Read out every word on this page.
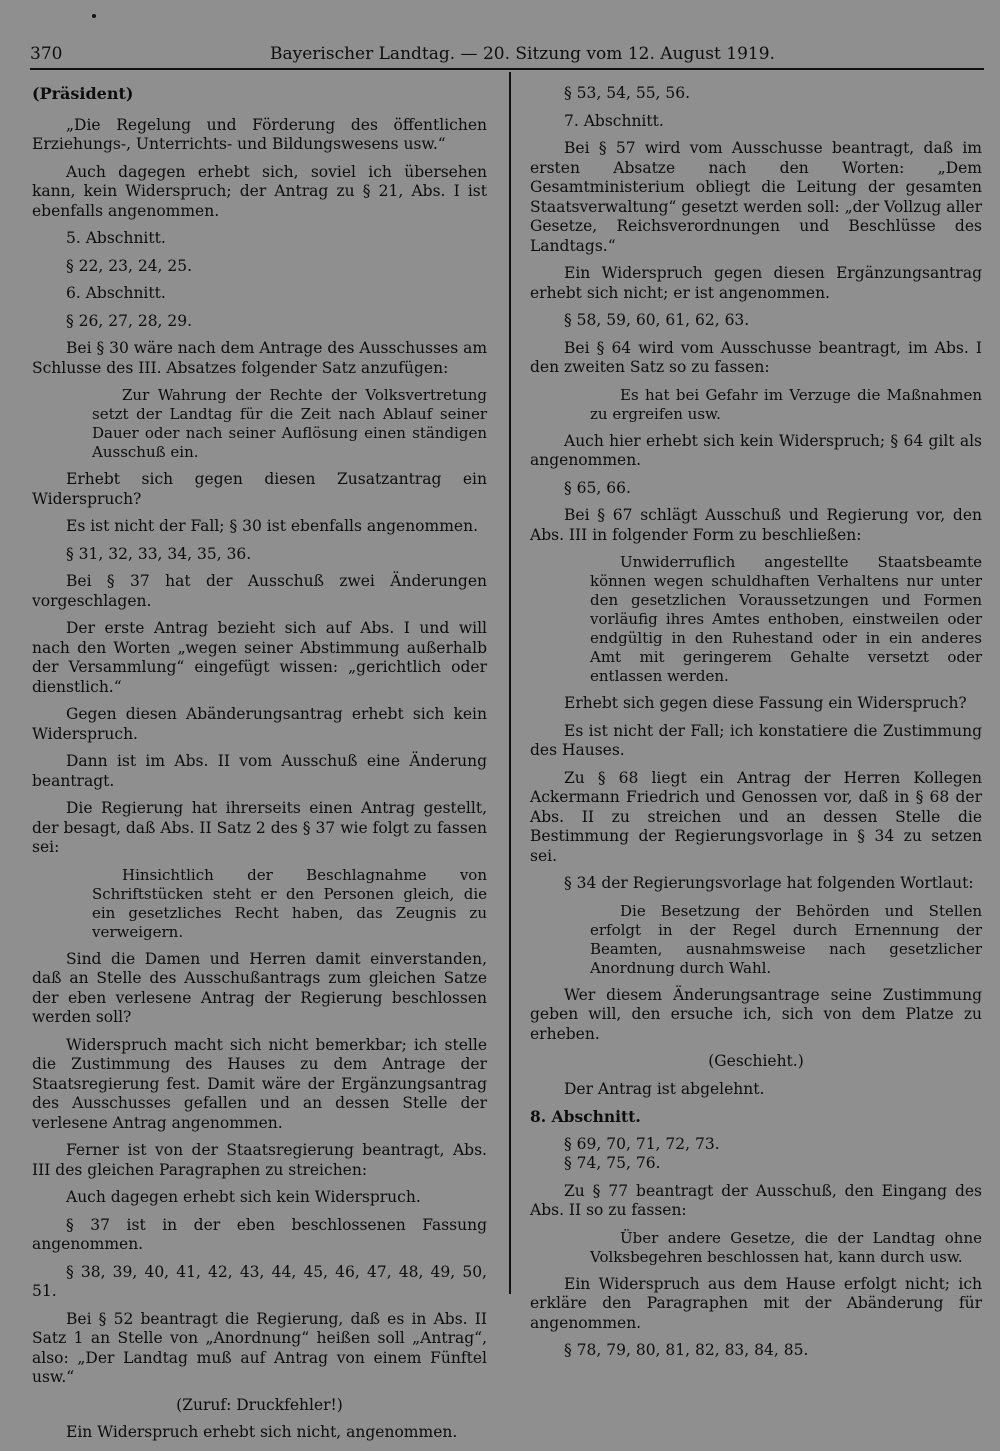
370	Bayerischer Landtag. — 20. Sitzung vom 12. August 1919.

(Präsident)

„Die Regelung und Förderung des öffentlichen Erziehungs-, Unterrichts- und Bildungswesens usw.“

Auch dagegen erhebt sich, soviel ich übersehen kann, kein Widerspruch; der Antrag zu § 21, Abs. I ist ebenfalls angenommen.

5. Abschnitt.

§ 22, 23, 24, 25.

6. Abschnitt.

§ 26, 27, 28, 29.

Bei § 30 wäre nach dem Antrage des Ausschusses am Schlusse des III. Absatzes folgender Satz anzufügen:

Zur Wahrung der Rechte der Volksvertretung setzt der Landtag für die Zeit nach Ablauf seiner Dauer oder nach seiner Auflösung einen ständigen Ausschuß ein.

Erhebt sich gegen diesen Zusatzantrag ein Widerspruch?

Es ist nicht der Fall; § 30 ist ebenfalls angenommen.

§ 31, 32, 33, 34, 35, 36.

Bei § 37 hat der Ausschuß zwei Änderungen vorgeschlagen.

Der erste Antrag bezieht sich auf Abs. I und will nach den Worten „wegen seiner Abstimmung außerhalb der Versammlung“ eingefügt wissen: „gerichtlich oder dienstlich.“

Gegen diesen Abänderungsantrag erhebt sich kein Widerspruch.

Dann ist im Abs. II vom Ausschuß eine Änderung beantragt.

Die Regierung hat ihrerseits einen Antrag gestellt, der besagt, daß Abs. II Satz 2 des § 37 wie folgt zu fassen sei:

Hinsichtlich der Beschlagnahme von Schriftstücken steht er den Personen gleich, die ein gesetzliches Recht haben, das Zeugnis zu verweigern.

Sind die Damen und Herren damit einverstanden, daß an Stelle des Ausschußantrags zum gleichen Satze der eben verlesene Antrag der Regierung beschlossen werden soll?

Widerspruch macht sich nicht bemerkbar; ich stelle die Zustimmung des Hauses zu dem Antrage der Staatsregierung fest. Damit wäre der Ergänzungsantrag des Ausschusses gefallen und an dessen Stelle der verlesene Antrag angenommen.

Ferner ist von der Staatsregierung beantragt, Abs. III des gleichen Paragraphen zu streichen:

Auch dagegen erhebt sich kein Widerspruch.

§ 37 ist in der eben beschlossenen Fassung angenommen.

§ 38, 39, 40, 41, 42, 43, 44, 45, 46, 47, 48, 49, 50, 51.

Bei § 52 beantragt die Regierung, daß es in Abs. II Satz 1 an Stelle von „Anordnung“ heißen soll „Antrag“, also: „Der Landtag muß auf Antrag von einem Fünftel usw.“

(Zuruf: Druckfehler!)

Ein Widerspruch erhebt sich nicht, angenommen.

§ 53, 54, 55, 56.

7. Abschnitt.

Bei § 57 wird vom Ausschusse beantragt, daß im ersten Absatze nach den Worten: „Dem Gesamtministerium obliegt die Leitung der gesamten Staatsverwaltung“ gesetzt werden soll: „der Vollzug aller Gesetze, Reichsverordnungen und Beschlüsse des Landtags.“

Ein Widerspruch gegen diesen Ergänzungsantrag erhebt sich nicht; er ist angenommen.

§ 58, 59, 60, 61, 62, 63.

Bei § 64 wird vom Ausschusse beantragt, im Abs. I den zweiten Satz so zu fassen:

Es hat bei Gefahr im Verzuge die Maßnahmen zu ergreifen usw.

Auch hier erhebt sich kein Widerspruch; § 64 gilt als angenommen.

§ 65, 66.

Bei § 67 schlägt Ausschuß und Regierung vor, den Abs. III in folgender Form zu beschließen:

Unwiderruflich angestellte Staatsbeamte können wegen schuldhaften Verhaltens nur unter den gesetzlichen Voraussetzungen und Formen vorläufig ihres Amtes enthoben, einstweilen oder endgültig in den Ruhestand oder in ein anderes Amt mit geringerem Gehalte versetzt oder entlassen werden.

Erhebt sich gegen diese Fassung ein Widerspruch?

Es ist nicht der Fall; ich konstatiere die Zustimmung des Hauses.

Zu § 68 liegt ein Antrag der Herren Kollegen Ackermann Friedrich und Genossen vor, daß in § 68 der Abs. II zu streichen und an dessen Stelle die Bestimmung der Regierungsvorlage in § 34 zu setzen sei.

§ 34 der Regierungsvorlage hat folgenden Wortlaut:

Die Besetzung der Behörden und Stellen erfolgt in der Regel durch Ernennung der Beamten, ausnahmsweise nach gesetzlicher Anordnung durch Wahl.

Wer diesem Änderungsantrage seine Zustimmung geben will, den ersuche ich, sich von dem Platze zu erheben.

(Geschieht.)

Der Antrag ist abgelehnt.

8. Abschnitt.

§ 69, 70, 71, 72, 73.

§ 74, 75, 76.

Zu § 77 beantragt der Ausschuß, den Eingang des Abs. II so zu fassen:

Über andere Gesetze, die der Landtag ohne Volksbegehren beschlossen hat, kann durch usw.

Ein Widerspruch aus dem Hause erfolgt nicht; ich erkläre den Paragraphen mit der Abänderung für angenommen.

§ 78, 79, 80, 81, 82, 83, 84, 85.
